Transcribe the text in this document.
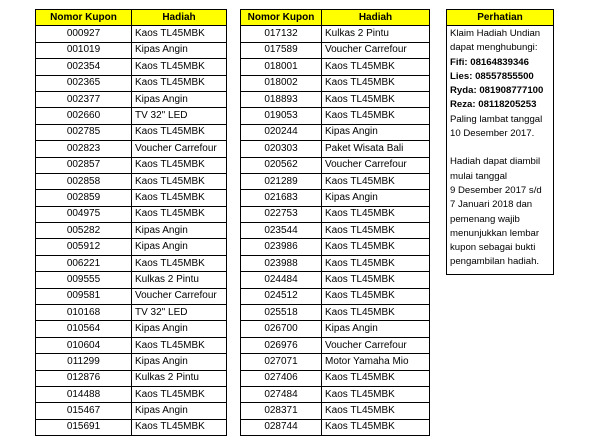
Nomor Kupon	Hadiah
000927	Kaos TL45MBK
001019	Kipas Angin
002354	Kaos TL45MBK
002365	Kaos TL45MBK
002377	Kipas Angin
002660	TV 32" LED
002785	Kaos TL45MBK
002823	Voucher Carrefour
002857	Kaos TL45MBK
002858	Kaos TL45MBK
002859	Kaos TL45MBK
004975	Kaos TL45MBK
005282	Kipas Angin
005912	Kipas Angin
006221	Kaos TL45MBK
009555	Kulkas 2 Pintu
009581	Voucher Carrefour
010168	TV 32" LED
010564	Kipas Angin
010604	Kaos TL45MBK
011299	Kipas Angin
012876	Kulkas 2 Pintu
014488	Kaos TL45MBK
015467	Kipas Angin
015691	Kaos TL45MBK
Nomor Kupon	Hadiah
017132	Kulkas 2 Pintu
017589	Voucher Carrefour
018001	Kaos TL45MBK
018002	Kaos TL45MBK
018893	Kaos TL45MBK
019053	Kaos TL45MBK
020244	Kipas Angin
020303	Paket Wisata Bali
020562	Voucher Carrefour
021289	Kaos TL45MBK
021683	Kipas Angin
022753	Kaos TL45MBK
023544	Kaos TL45MBK
023986	Kaos TL45MBK
023988	Kaos TL45MBK
024484	Kaos TL45MBK
024512	Kaos TL45MBK
025518	Kaos TL45MBK
026700	Kipas Angin
026976	Voucher Carrefour
027071	Motor Yamaha Mio
027406	Kaos TL45MBK
027484	Kaos TL45MBK
028371	Kaos TL45MBK
028744	Kaos TL45MBK
Perhatian
Klaim Hadiah Undian
dapat menghubungi:
Fifi: 08164839346
Lies: 08557855500
Ryda: 081908777100
Reza: 08118205253
Paling lambat tanggal
10 Desember 2017.
Hadiah dapat diambil
mulai tanggal
9 Desember 2017 s/d
7 Januari 2018 dan
pemenang wajib
menunjukkan lembar
kupon sebagai bukti
pengambilan hadiah.
